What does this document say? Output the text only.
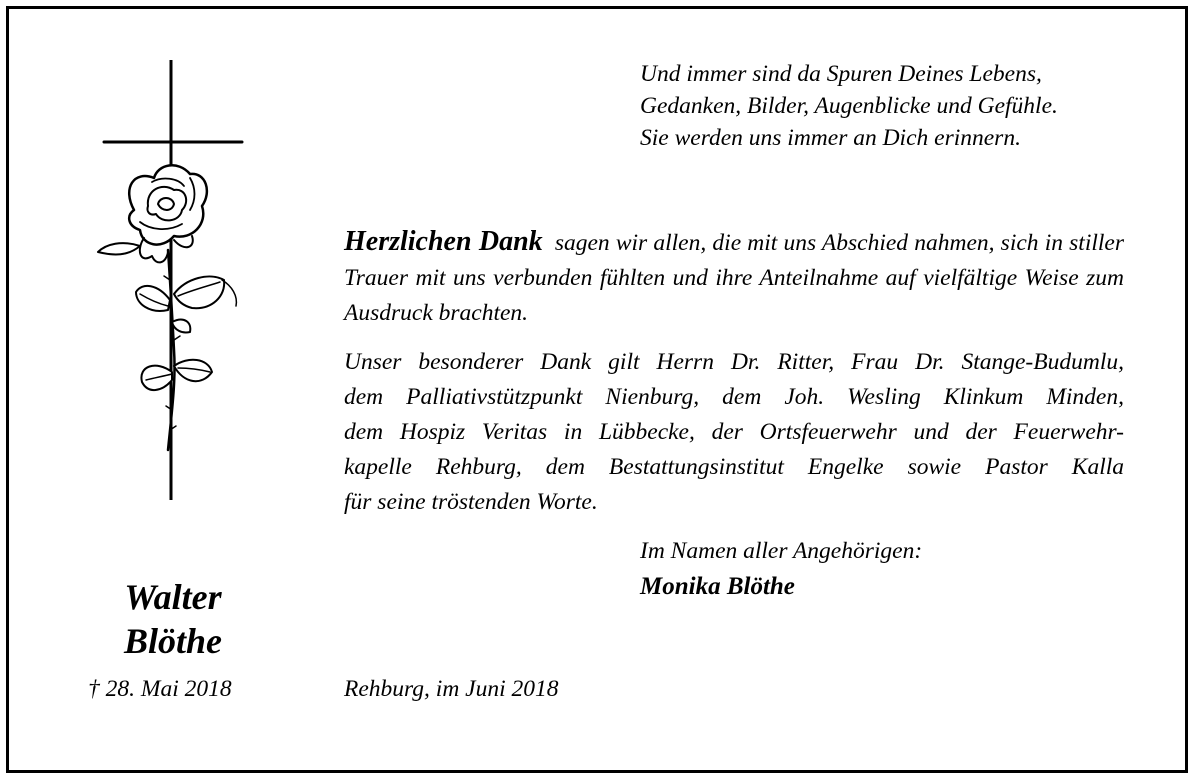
Und immer sind da Spuren Deines Lebens,
Gedanken, Bilder, Augenblicke und Gefühle.
Sie werden uns immer an Dich erinnern.
Herzlichen Dank sagen wir allen, die mit uns Abschied nahmen, sich in stiller Trauer mit uns verbunden fühlten und ihre Anteilnahme auf vielfältige Weise zum Ausdruck brachten.
Unser besonderer Dank gilt Herrn Dr. Ritter, Frau Dr. Stange-Budumlu,
dem Palliativstützpunkt Nienburg, dem Joh. Wesling Klinkum Minden,
dem Hospiz Veritas in Lübbecke, der Ortsfeuerwehr und der Feuerwehr-
kapelle Rehburg, dem Bestattungsinstitut Engelke sowie Pastor Kalla
für seine tröstenden Worte.
Im Namen aller Angehörigen:
Monika Blöthe
Walter
Blöthe
† 28. Mai 2018	Rehburg, im Juni 2018
